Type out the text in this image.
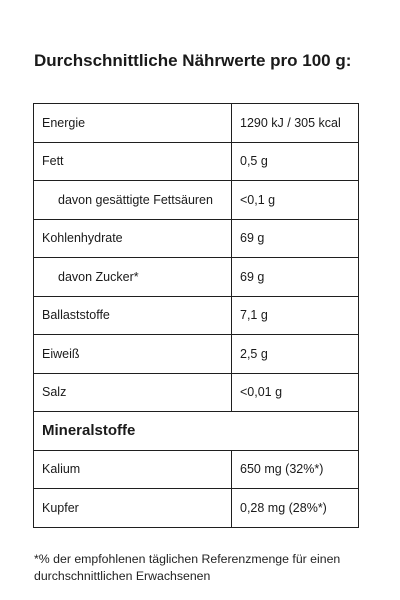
Durchschnittliche Nährwerte pro 100 g:
Energie	1290 kJ / 305 kcal
Fett	0,5 g
davon gesättigte Fettsäuren	<0,1 g
Kohlenhydrate	69 g
davon Zucker*	69 g
Ballaststoffe	7,1 g
Eiweiß	2,5 g
Salz	<0,01 g
Mineralstoffe	
Kalium	650 mg (32%*)
Kupfer	0,28 mg (28%*)

*% der empfohlenen täglichen Referenzmenge für einen durchschnittlichen Erwachsenen
